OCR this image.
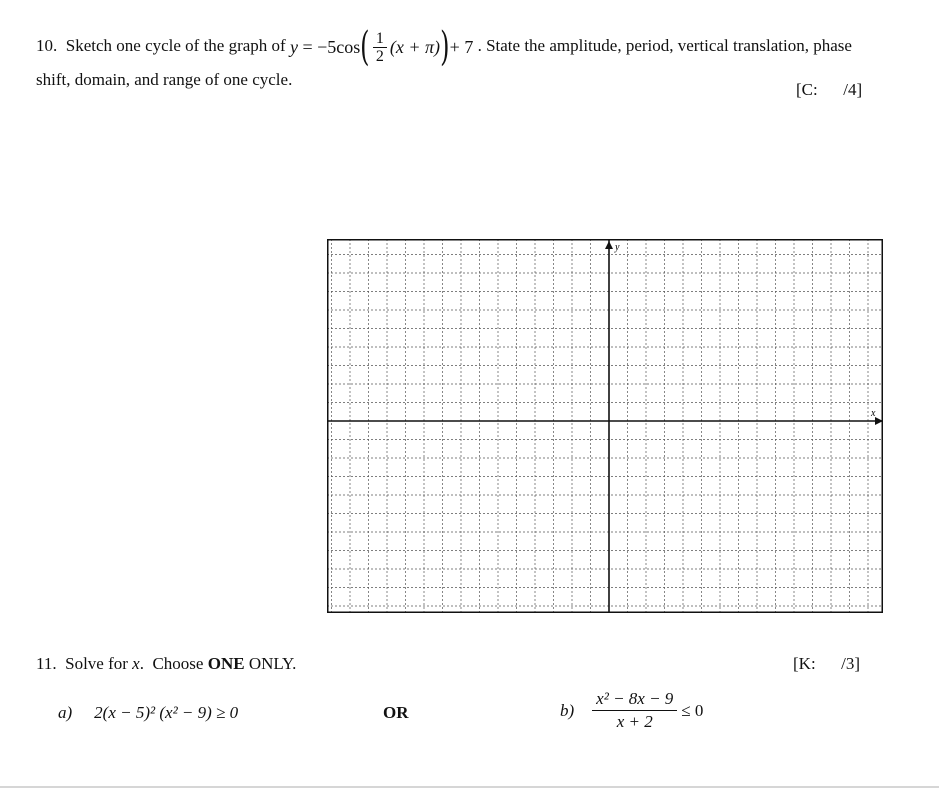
10. Sketch one cycle of the graph of y
=
−5cos ( $\frac{1}{2} (x + \pi)$ ) + 7 . State the amplitude, period, vertical translation, phase
shift, domain, and range of one cycle.
[C:      /4]
y
x
11. Solve for x.  Choose ONE ONLY.	[K:      /3]
a) 2(x − 5)² (x² − 9) ≥ 0	OR	$b) \frac{\text{x² − 8x − 9}}{x + 2} \le 0$
